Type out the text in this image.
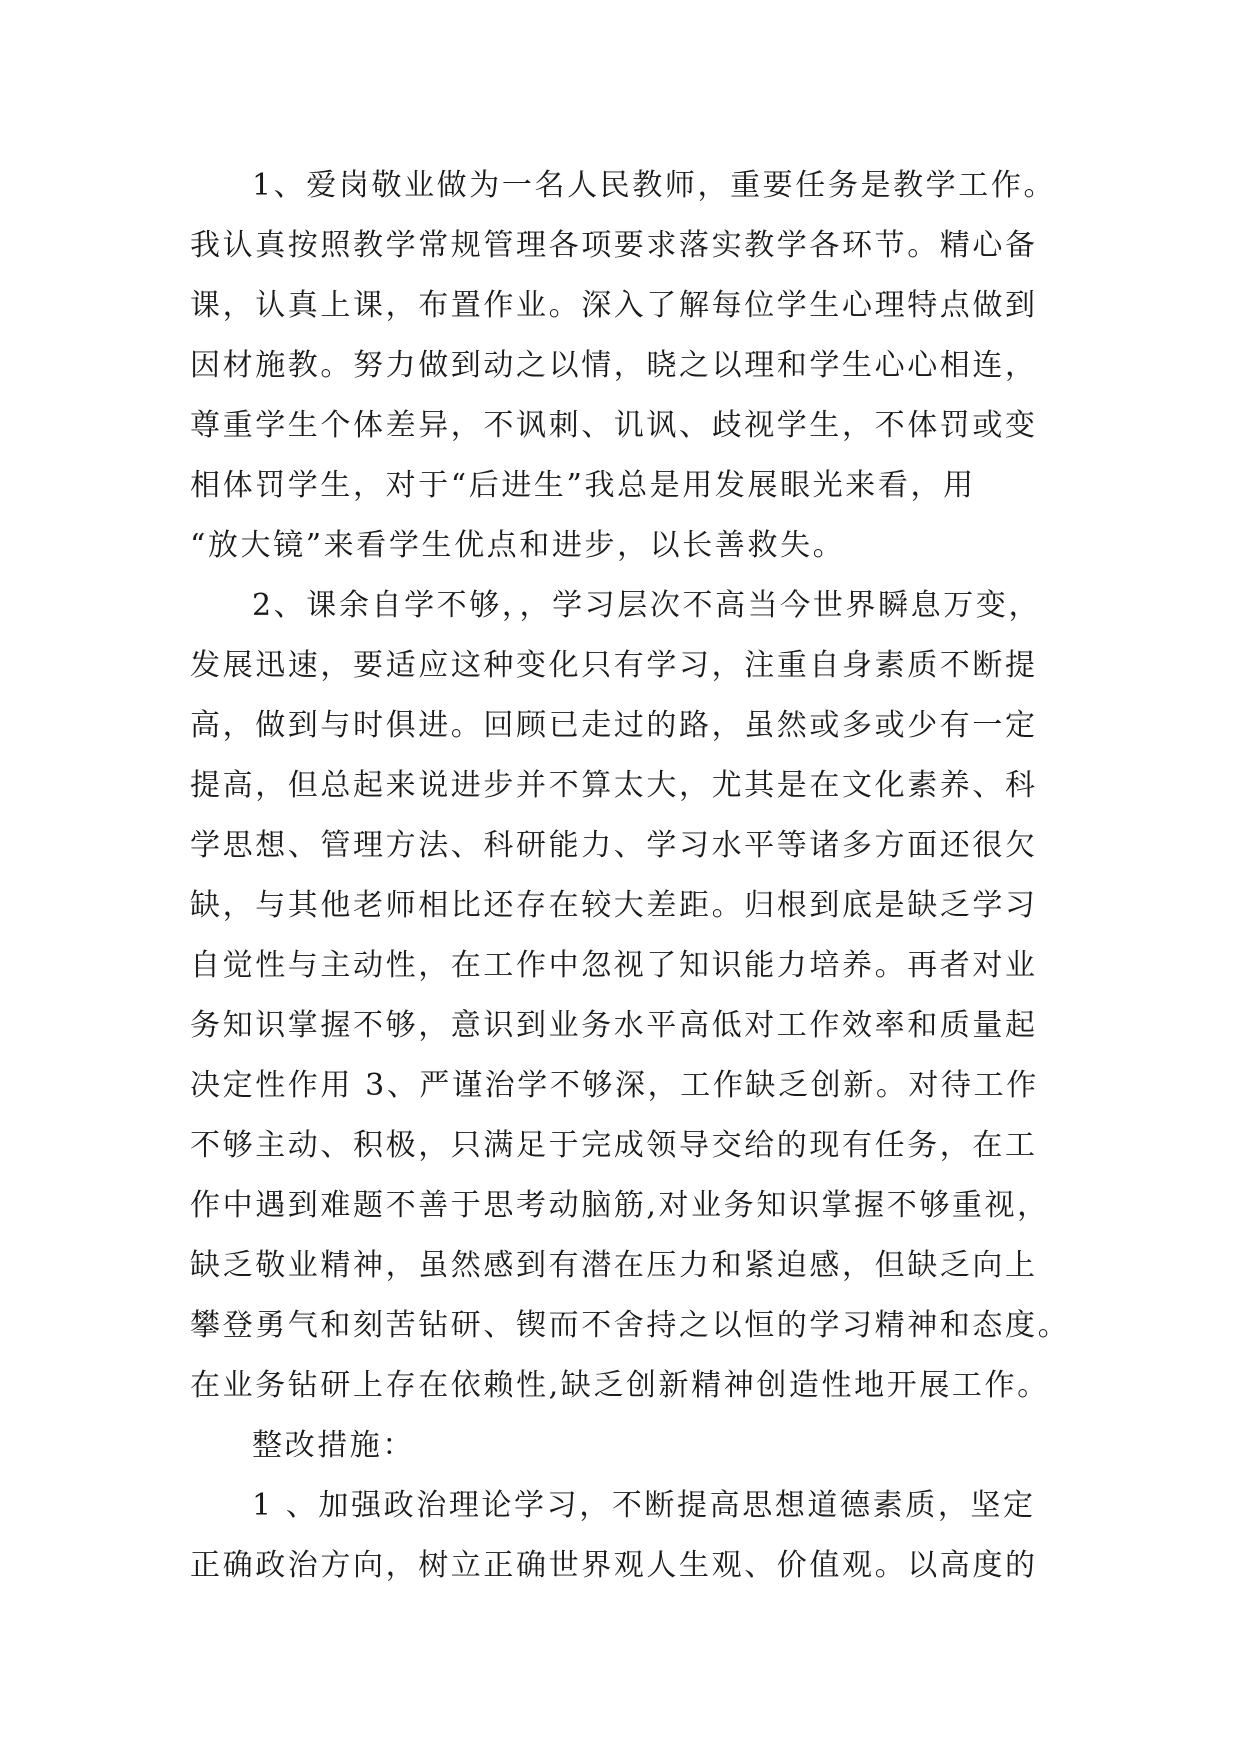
1、爱岗敬业做为一名人民教师，重要任务是教学工作。
我认真按照教学常规管理各项要求落实教学各环节。精心备
课，认真上课，布置作业。深入了解每位学生心理特点做到
因材施教。努力做到动之以情，晓之以理和学生心心相连，
尊重学生个体差异，不讽刺、讥讽、歧视学生，不体罚或变
相体罚学生，对于“后进生”我总是用发展眼光来看，用
“放大镜”来看学生优点和进步，以长善救失。
2、课余自学不够，，学习层次不高当今世界瞬息万变，
发展迅速，要适应这种变化只有学习，注重自身素质不断提
高，做到与时俱进。回顾已走过的路，虽然或多或少有一定
提高，但总起来说进步并不算太大，尤其是在文化素养、科
学思想、管理方法、科研能力、学习水平等诸多方面还很欠
缺，与其他老师相比还存在较大差距。归根到底是缺乏学习
自觉性与主动性，在工作中忽视了知识能力培养。再者对业
务知识掌握不够，意识到业务水平高低对工作效率和质量起
决定性作用 3、严谨治学不够深，工作缺乏创新。对待工作
不够主动、积极，只满足于完成领导交给的现有任务，在工
作中遇到难题不善于思考动脑筋,对业务知识掌握不够重视，
缺乏敬业精神，虽然感到有潜在压力和紧迫感，但缺乏向上
攀登勇气和刻苦钻研、锲而不舍持之以恒的学习精神和态度。
在业务钻研上存在依赖性,缺乏创新精神创造性地开展工作。
整改措施：
1 、加强政治理论学习，不断提高思想道德素质，坚定
正确政治方向，树立正确世界观人生观、价值观。以高度的
